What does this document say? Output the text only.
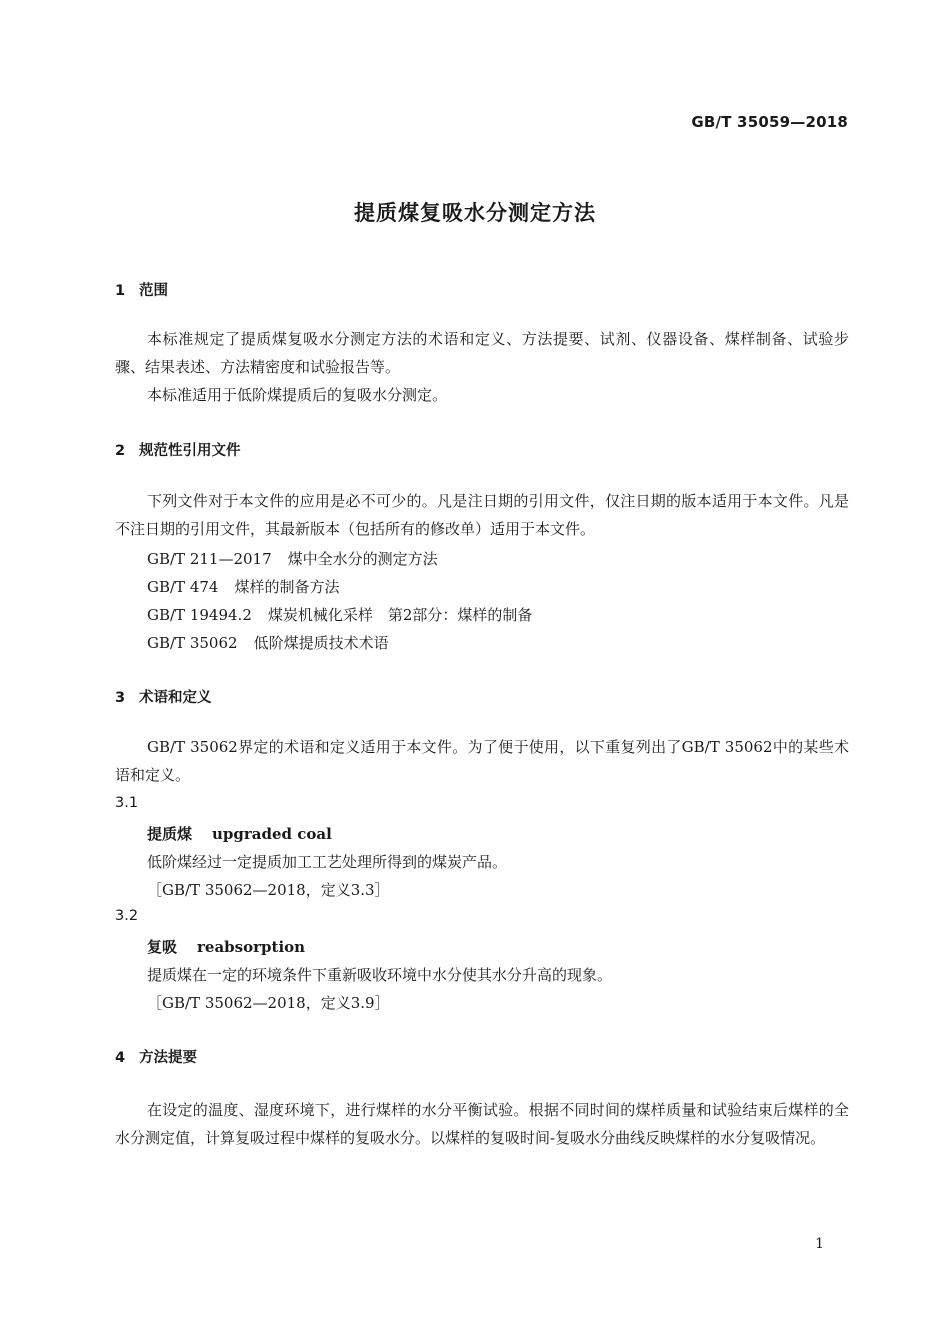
GB/T 35059—2018
提质煤复吸水分测定方法
1 范围
本标准规定了提质煤复吸水分测定方法的术语和定义、方法提要、试剂、仪器设备、煤样制备、试验步骤、结果表述、方法精密度和试验报告等。
本标准适用于低阶煤提质后的复吸水分测定。
2 规范性引用文件
下列文件对于本文件的应用是必不可少的。凡是注日期的引用文件，仅注日期的版本适用于本文件。凡是不注日期的引用文件，其最新版本（包括所有的修改单）适用于本文件。
GB/T 211—2017 煤中全水分的测定方法
GB/T 474 煤样的制备方法
GB/T 19494.2 煤炭机械化采样　第2部分：煤样的制备
GB/T 35062 低阶煤提质技术术语
3 术语和定义
GB/T 35062界定的术语和定义适用于本文件。为了便于使用，以下重复列出了GB/T 35062中的某些术语和定义。
3.1
提质煤 upgraded coal
低阶煤经过一定提质加工工艺处理所得到的煤炭产品。
［GB/T 35062—2018，定义3.3］
3.2
复吸 reabsorption
提质煤在一定的环境条件下重新吸收环境中水分使其水分升高的现象。
［GB/T 35062—2018，定义3.9］
4 方法提要
在设定的温度、湿度环境下，进行煤样的水分平衡试验。根据不同时间的煤样质量和试验结束后煤样的全水分测定值，计算复吸过程中煤样的复吸水分。以煤样的复吸时间-复吸水分曲线反映煤样的水分复吸情况。
1
